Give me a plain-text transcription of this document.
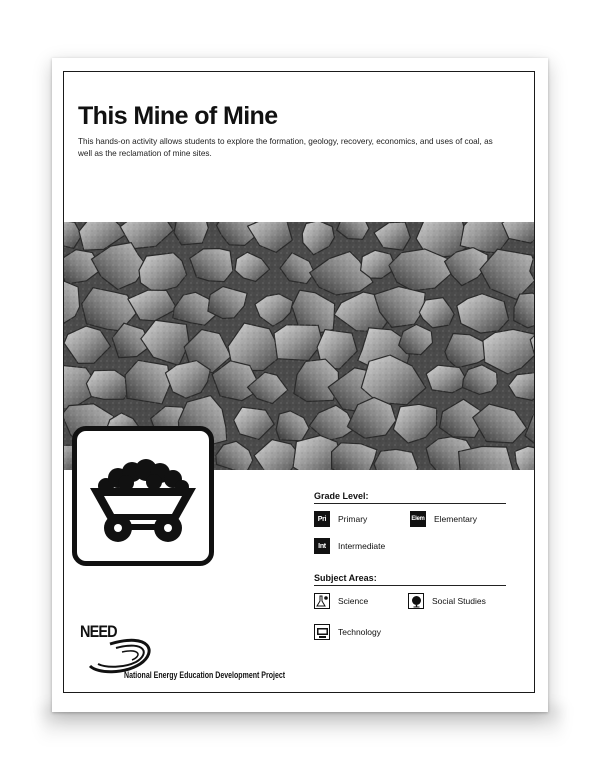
This Mine of Mine

This hands-on activity allows students to explore the formation, geology, recovery, economics, and uses of coal, as well as the reclamation of mine sites.

Grade Level:
Pri	Primary	Elem Elementary
Int	Intermediate
Subject Areas:
Science	Social Studies
Technology

NEED

National Energy Education Development Project
